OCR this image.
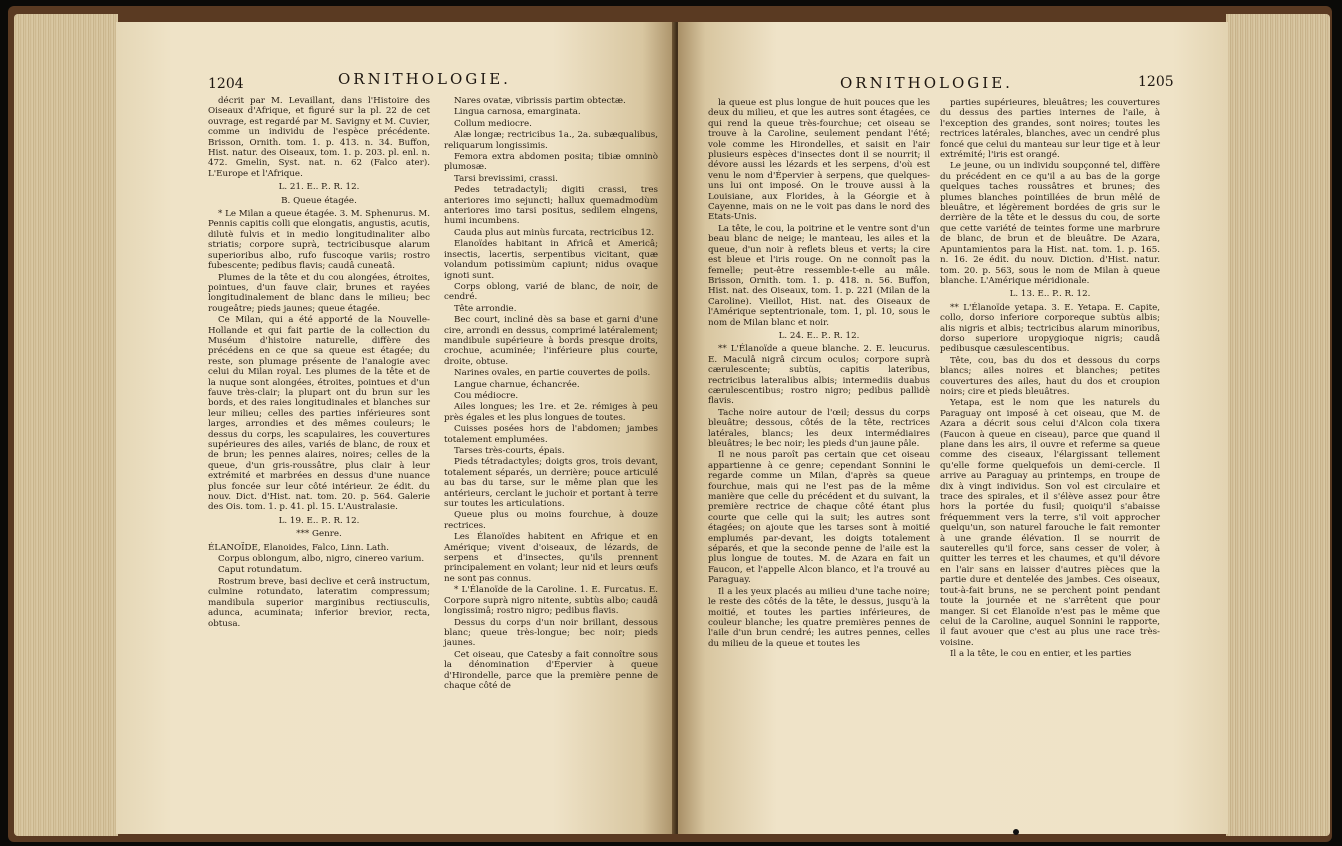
1204	ORNITHOLOGIE.

décrit par M. Levaillant, dans l'Histoire des Oiseaux d'Afrique, et figuré sur la pl. 22 de cet ouvrage, est regardé par M. Savigny et M. Cuvier, comme un individu de l'espèce précédente. Brisson, Ornith. tom. 1. p. 413. n. 34. Buffon, Hist. natur. des Oiseaux, tom. 1. p. 203. pl. enl. n. 472. Gmelin, Syst. nat. n. 62 (Falco ater). L'Europe et l'Afrique.

L. 21. E.. P.. R. 12.

B. Queue étagée.

* Le Milan a queue étagée. 3. M. Sphenurus. M. Pennis capitis colli que elongatis, angustis, acutis, dilutè fulvis et in medio longitudinaliter albo striatis; corpore suprà, tectricibusque alarum superioribus albo, rufo fuscoque variis; rostro fubescente; pedibus flavis; caudâ cuneatâ.

Plumes de la tête et du cou alongées, étroites, pointues, d'un fauve clair, brunes et rayées longitudinalement de blanc dans le milieu; bec rougeâtre; pieds jaunes; queue étagée.

Ce Milan, qui a été apporté de la Nouvelle-Hollande et qui fait partie de la collection du Muséum d'histoire naturelle, diffère des précédens en ce que sa queue est étagée; du reste, son plumage présente de l'analogie avec celui du Milan royal. Les plumes de la tête et de la nuque sont alongées, étroites, pointues et d'un fauve très-clair; la plupart ont du brun sur les bords, et des raies longitudinales et blanches sur leur milieu; celles des parties inférieures sont larges, arrondies et des mêmes couleurs; le dessus du corps, les scapulaires, les couvertures supérieures des ailes, variés de blanc, de roux et de brun; les pennes alaires, noires; celles de la queue, d'un gris-roussâtre, plus clair à leur extrémité et marbrées en dessus d'une nuance plus foncée sur leur côté intérieur. 2e édit. du nouv. Dict. d'Hist. nat. tom. 20. p. 564. Galerie des Ois. tom. 1. p. 41. pl. 15. L'Australasie.

L. 19. E.. P.. R. 12.

*** Genre.

ÉLANOÏDE, Elanoides, Falco, Linn. Lath.

Corpus oblongum, albo, nigro, cinereo varium.

Caput rotundatum.

Rostrum breve, basi declive et cerâ instructum, culmine rotundato, lateratim compressum; mandibula superior marginibus rectiusculis, adunca, acuminata; inferior brevior, recta, obtusa.

Nares ovatæ, vibrissis partim obtectæ.

Lingua carnosa, emarginata.

Collum mediocre.

Alæ longæ; rectricibus 1a., 2a. subæqualibus, reliquarum longissimis.

Femora extra abdomen posita; tibiæ omninò plumosæ.

Tarsi brevissimi, crassi.

Pedes tetradactyli; digiti crassi, tres anteriores imo sejuncti; hallux quemadmodùm anteriores imo tarsi positus, sedilem elngens, humi incumbens.

Cauda plus aut minùs furcata, rectricibus 12.

Elanoïdes habitant in Africâ et Americâ; insectis, lacertis, serpentibus vicitant, quæ volandum potissimùm capiunt; nidus ovaque ignoti sunt.

Corps oblong, varié de blanc, de noir, de cendré.

Tête arrondie.

Bec court, incliné dès sa base et garni d'une cire, arrondi en dessus, comprimé latéralement; mandibule supérieure à bords presque droits, crochue, acuminée; l'inférieure plus courte, droite, obtuse.

Narines ovales, en partie couvertes de poils.

Langue charnue, échancrée.

Cou médiocre.

Ailes longues; les 1re. et 2e. rémiges à peu près égales et les plus longues de toutes.

Cuisses posées hors de l'abdomen; jambes totalement emplumées.

Tarses très-courts, épais.

Pieds tétradactyles; doigts gros, trois devant, totalement séparés, un derrière; pouce articulé au bas du tarse, sur le même plan que les antérieurs, cerclant le juchoir et portant à terre sur toutes les articulations.

Queue plus ou moins fourchue, à douze rectrices.

Les Élanoïdes habitent en Afrique et en Amérique; vivent d'oiseaux, de lézards, de serpens et d'insectes, qu'ils prennent principalement en volant; leur nid et leurs œufs ne sont pas connus.

* L'Élanoïde de la Caroline. 1. E. Furcatus. E. Corpore suprà nigro nitente, subtùs albo; caudâ longissimâ; rostro nigro; pedibus flavis.

Dessus du corps d'un noir brillant, dessous blanc; queue très-longue; bec noir; pieds jaunes.

Cet oiseau, que Catesby a fait connoître sous la dénomination d'Épervier à queue d'Hirondelle, parce que la première penne de chaque côté de

ORNITHOLOGIE.	1205

la queue est plus longue de huit pouces que les deux du milieu, et que les autres sont étagées, ce qui rend la queue très-fourchue; cet oiseau se trouve à la Caroline, seulement pendant l'été; vole comme les Hirondelles, et saisit en l'air plusieurs espèces d'insectes dont il se nourrit; il dévore aussi les lézards et les serpens, d'où est venu le nom d'Épervier à serpens, que quelques-uns lui ont imposé. On le trouve aussi à la Louisiane, aux Florides, à la Géorgie et à Cayenne, mais on ne le voit pas dans le nord des Etats-Unis.

La tête, le cou, la poitrine et le ventre sont d'un beau blanc de neige; le manteau, les ailes et la queue, d'un noir à reflets bleus et verts; la cire est bleue et l'iris rouge. On ne connoît pas la femelle; peut-être ressemble-t-elle au mâle. Brisson, Ornith. tom. 1. p. 418. n. 56. Buffon, Hist. nat. des Oiseaux, tom. 1. p. 221 (Milan de la Caroline). Vieillot, Hist. nat. des Oiseaux de l'Amérique septentrionale, tom. 1, pl. 10, sous le nom de Milan blanc et noir.

L. 24. E.. P.. R. 12.

** L'Élanoïde a queue blanche. 2. E. leucurus. E. Maculâ nigrâ circum oculos; corpore suprà cærulescente; subtùs, capitis lateribus, rectricibus lateralibus albis; intermediis duabus cærulescentibus; rostro nigro; pedibus pallidè flavis.

Tache noire autour de l'œil; dessus du corps bleuâtre; dessous, côtés de la tête, rectrices latérales, blancs; les deux intermédiaires bleuâtres; le bec noir; les pieds d'un jaune pâle.

Il ne nous paroît pas certain que cet oiseau appartienne à ce genre; cependant Sonnini le regarde comme un Milan, d'après sa queue fourchue, mais qui ne l'est pas de la même manière que celle du précédent et du suivant, la première rectrice de chaque côté étant plus courte que celle qui la suit; les autres sont étagées; on ajoute que les tarses sont à moitié emplumés par-devant, les doigts totalement séparés, et que la seconde penne de l'aile est la plus longue de toutes. M. de Azara en fait un Faucon, et l'appelle Alcon blanco, et l'a trouvé au Paraguay.

Il a les yeux placés au milieu d'une tache noire; le reste des côtés de la tête, le dessus, jusqu'à la moitié, et toutes les parties inférieures, de couleur blanche; les quatre premières pennes de l'aile d'un brun cendré; les autres pennes, celles du milieu de la queue et toutes les

parties supérieures, bleuâtres; les couvertures du dessus des parties internes de l'aile, à l'exception des grandes, sont noires; toutes les rectrices latérales, blanches, avec un cendré plus foncé que celui du manteau sur leur tige et à leur extrémité; l'iris est orangé.

Le jeune, ou un individu soupçonné tel, diffère du précédent en ce qu'il a au bas de la gorge quelques taches roussâtres et brunes; des plumes blanches pointillées de brun mêlé de bleuâtre, et légèrement bordées de gris sur le derrière de la tête et le dessus du cou, de sorte que cette variété de teintes forme une marbrure de blanc, de brun et de bleuâtre. De Azara, Apuntamientos para la Hist. nat. tom. 1. p. 165. n. 16. 2e édit. du nouv. Diction. d'Hist. natur. tom. 20. p. 563, sous le nom de Milan à queue blanche. L'Amérique méridionale.

L. 13. E.. P.. R. 12.

** L'Élanoïde yetapa. 3. E. Yetapa. E. Capite, collo, dorso inferiore corporeque subtùs albis; alis nigris et albis; tectricibus alarum minoribus, dorso superiore uropygioque nigris; caudâ pedibusque cæsulescentibus.

Tête, cou, bas du dos et dessous du corps blancs; ailes noires et blanches; petites couvertures des ailes, haut du dos et croupion noirs; cire et pieds bleuâtres.

Yetapa, est le nom que les naturels du Paraguay ont imposé à cet oiseau, que M. de Azara a décrit sous celui d'Alcon cola tixera (Faucon à queue en ciseau), parce que quand il plane dans les airs, il ouvre et referme sa queue comme des ciseaux, l'élargissant tellement qu'elle forme quelquefois un demi-cercle. Il arrive au Paraguay au printemps, en troupe de dix à vingt individus. Son vol est circulaire et trace des spirales, et il s'élève assez pour être hors la portée du fusil; quoiqu'il s'abaisse fréquemment vers la terre, s'il voit approcher quelqu'un, son naturel farouche le fait remonter à une grande élévation. Il se nourrit de sauterelles qu'il force, sans cesser de voler, à quitter les terres et les chaumes, et qu'il dévore en l'air sans en laisser d'autres pièces que la partie dure et dentelée des jambes. Ces oiseaux, tout-à-fait bruns, ne se perchent point pendant toute la journée et ne s'arrêtent que pour manger. Si cet Élanoïde n'est pas le même que celui de la Caroline, auquel Sonnini le rapporte, il faut avouer que c'est au plus une race très-voisine.

Il a la tête, le cou en entier, et les parties
